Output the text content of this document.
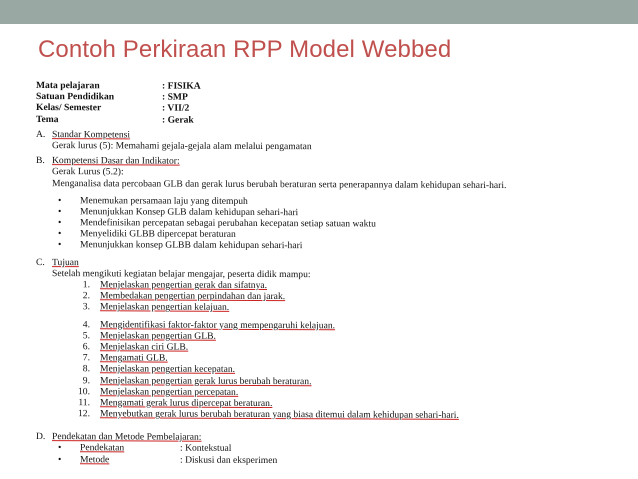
Contoh Perkiraan RPP Model Webbed
Mata pelajaran	: FISIKA
Satuan Pendidikan	: SMP
Kelas/ Semester	: VII/2
Tema	: Gerak
A. Standar Kompetensi
Gerak lurus (5): Memahami gejala-gejala alam melalui pengamatan
B. Kompetensi Dasar dan Indikator:
Gerak Lurus (5.2):
Menganalisa data percobaan GLB dan gerak lurus berubah beraturan serta penerapannya dalam kehidupan sehari-hari.
• Menemukan persamaan laju yang ditempuh
• Menunjukkan Konsep GLB dalam kehidupan sehari-hari
• Mendefinisikan percepatan sebagai perubahan kecepatan setiap satuan waktu
• Menyelidiki GLBB dipercepat beraturan
• Menunjukkan konsep GLBB dalam kehidupan sehari-hari
C. Tujuan
Setelah mengikuti kegiatan belajar mengajar, peserta didik mampu:
1. Menjelaskan pengertian gerak dan sifatnya.
2. Membedakan pengertian perpindahan dan jarak.
3. Menjelaskan pengertian kelajuan.
4. Mengidentifikasi faktor-faktor yang mempengaruhi kelajuan.
5. Menjelaskan pengertian GLB.
6. Menjelaskan ciri GLB.
7. Mengamati GLB.
8. Menjelaskan pengertian kecepatan.
9. Menjelaskan pengertian gerak lurus berubah beraturan.
10. Menjelaskan pengertian percepatan.
11. Mengamati gerak lurus dipercepat beraturan.
12. Menyebutkan gerak lurus berubah beraturan yang biasa ditemui dalam kehidupan sehari-hari.
D. Pendekatan dan Metode Pembelajaran:
• Pendekatan	: Kontekstual
• Metode	: Diskusi dan eksperimen
